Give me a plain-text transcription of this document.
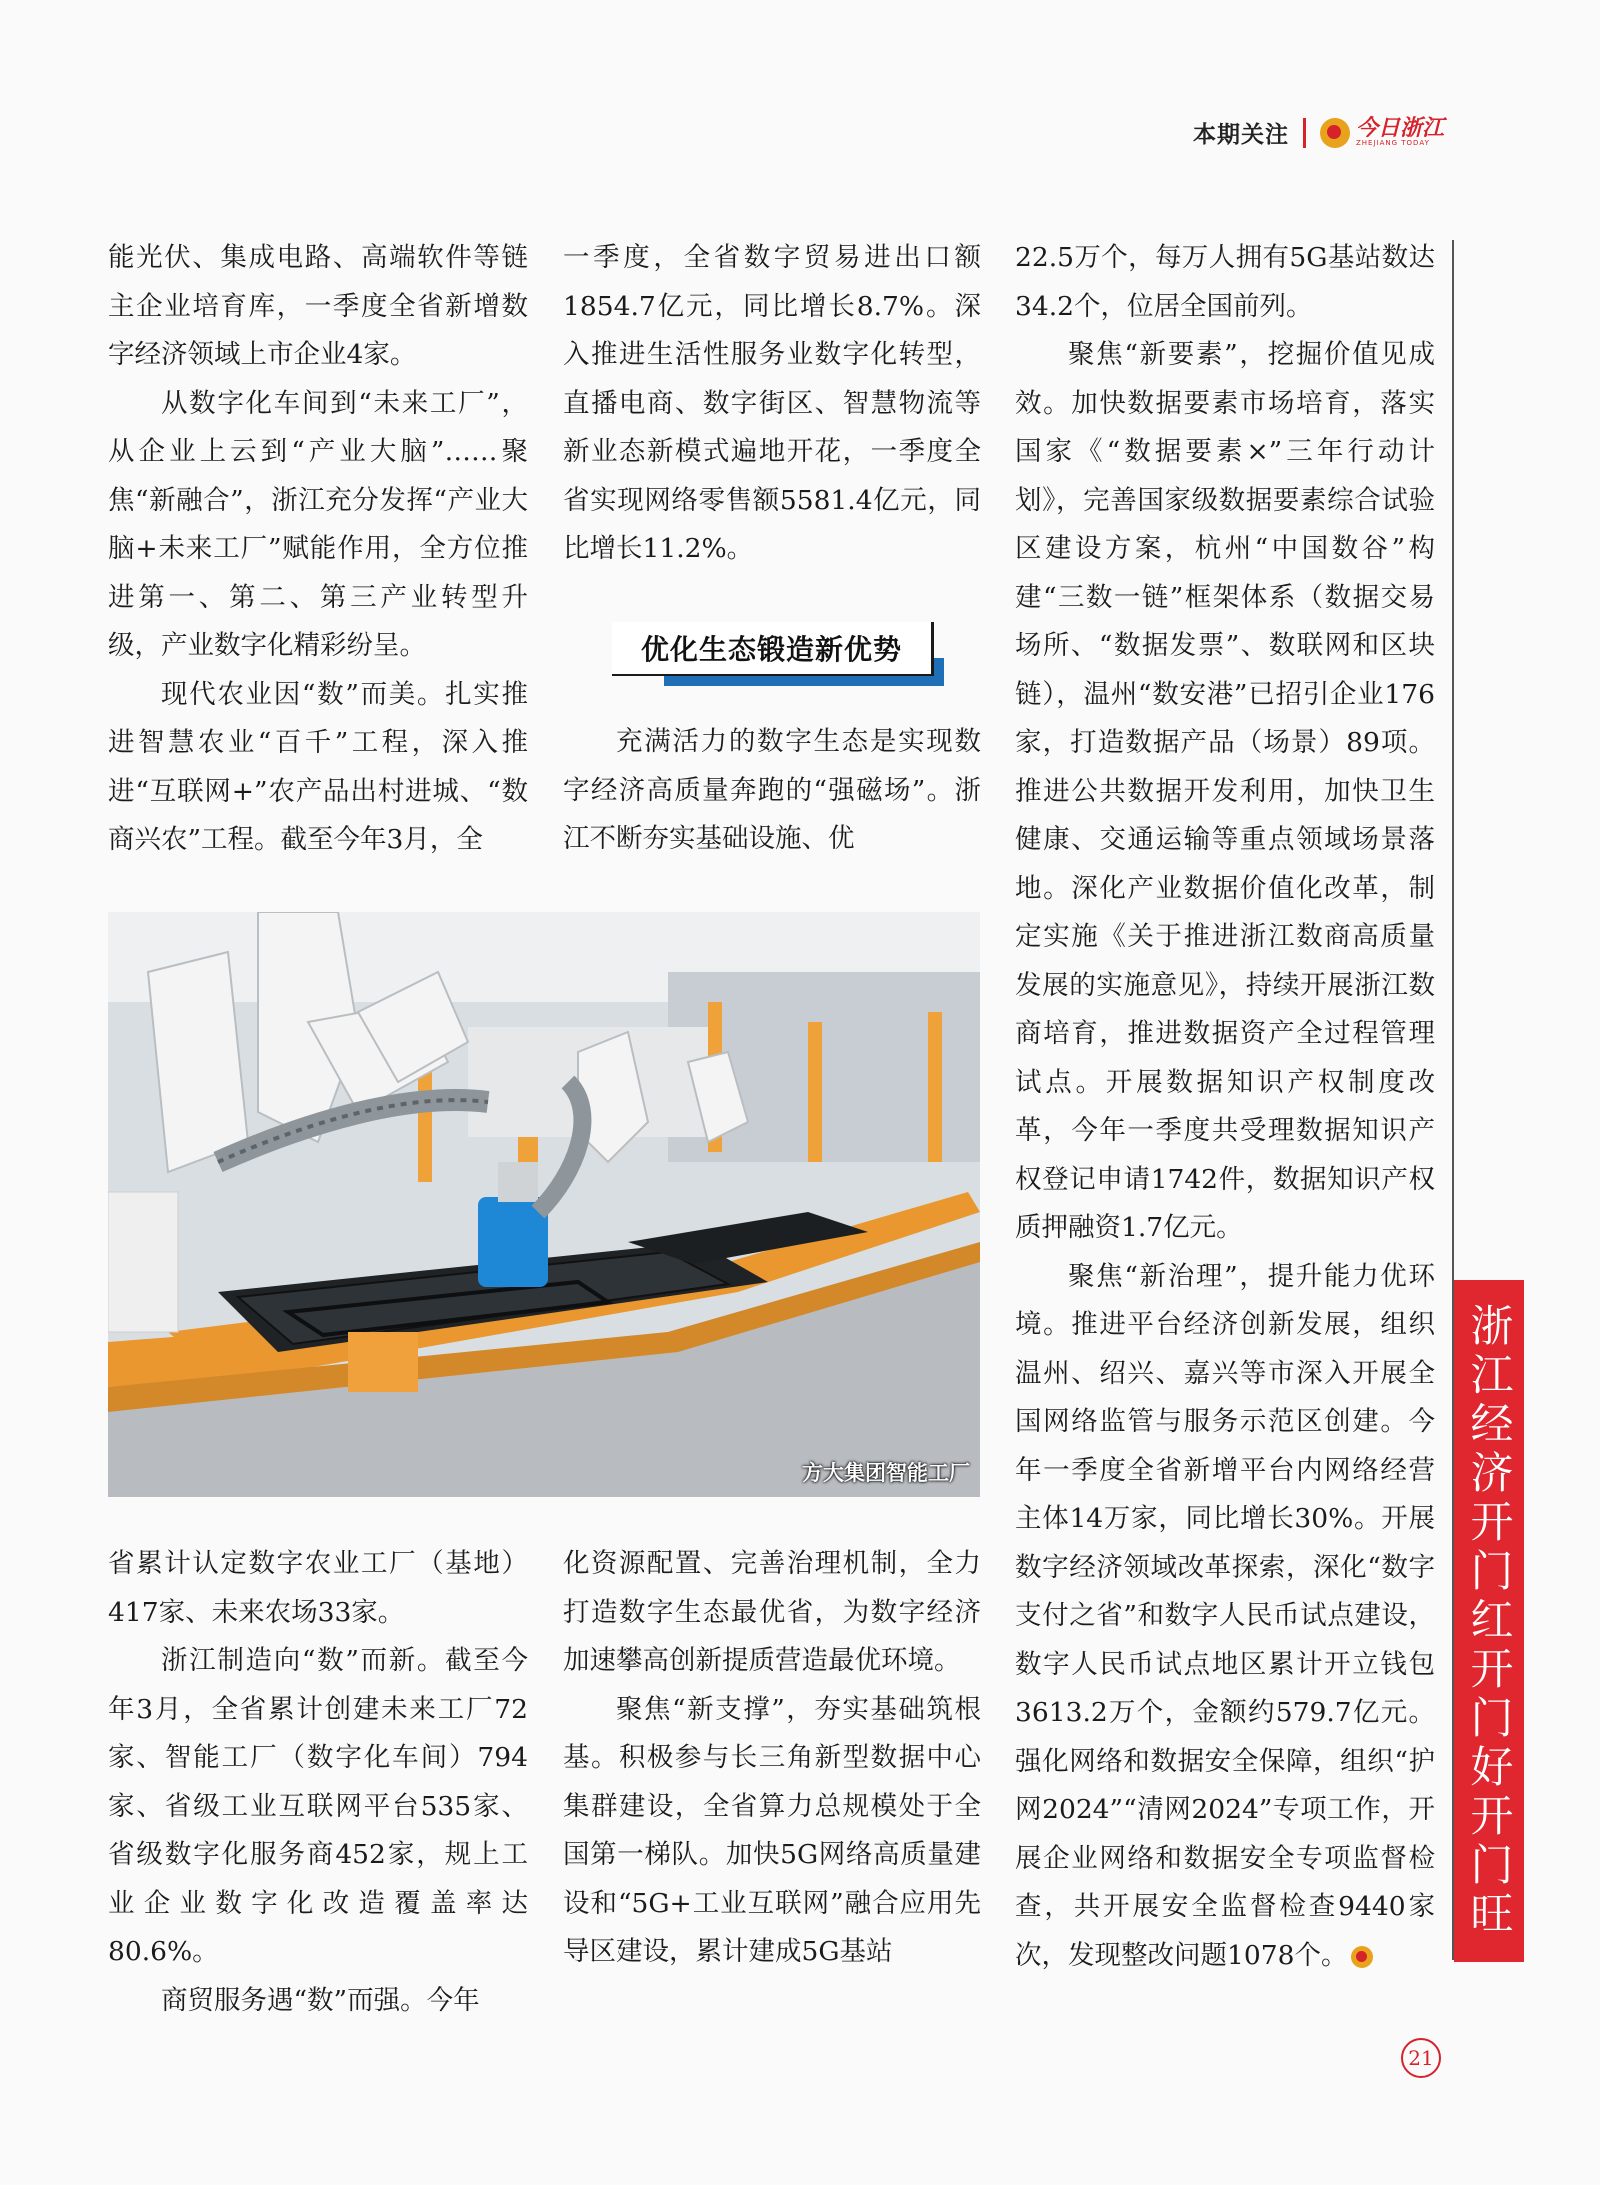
本期关注	今日浙江
ZHEJIANG TODAY

能光伏、集成电路、高端软件等链主企业培育库，一季度全省新增数字经济领域上市企业4家。

从数字化车间到“未来工厂”，从企业上云到“产业大脑”……聚焦“新融合”，浙江充分发挥“产业大脑+未来工厂”赋能作用，全方位推进第一、第二、第三产业转型升级，产业数字化精彩纷呈。

现代农业因“数”而美。扎实推进智慧农业“百千”工程，深入推进“互联网+”农产品出村进城、“数商兴农”工程。截至今年3月，全

一季度，全省数字贸易进出口额1854.7亿元，同比增长8.7%。深入推进生活性服务业数字化转型，直播电商、数字街区、智慧物流等新业态新模式遍地开花，一季度全省实现网络零售额5581.4亿元，同比增长11.2%。

优化生态锻造新优势

充满活力的数字生态是实现数字经济高质量奔跑的“强磁场”。浙江不断夯实基础设施、优

22.5万个，每万人拥有5G基站数达34.2个，位居全国前列。

聚焦“新要素”，挖掘价值见成效。加快数据要素市场培育，落实国家《“数据要素×”三年行动计划》，完善国家级数据要素综合试验区建设方案，杭州“中国数谷”构建“三数一链”框架体系（数据交易场所、“数据发票”、数联网和区块链），温州“数安港”已招引企业176家，打造数据产品（场景）89项。推进公共数据开发利用，加快卫生健康、交通运输等重点领域场景落地。深化产业数据价值化改革，制定实施《关于推进浙江数商高质量发展的实施意见》，持续开展浙江数商培育，推进数据资产全过程管理试点。开展数据知识产权制度改革，今年一季度共受理数据知识产权登记申请1742件，数据知识产权质押融资1.7亿元。

聚焦“新治理”，提升能力优环境。推进平台经济创新发展，组织温州、绍兴、嘉兴等市深入开展全国网络监管与服务示范区创建。今年一季度全省新增平台内网络经营主体14万家，同比增长30%。开展数字经济领域改革探索，深化“数字支付之省”和数字人民币试点建设，数字人民币试点地区累计开立钱包3613.2万个，金额约579.7亿元。强化网络和数据安全保障，组织“护网2024”“清网2024”专项工作，开展企业网络和数据安全专项监督检查，共开展安全监督检查9440家次，发现整改问题1078个。

方大集团智能工厂

省累计认定数字农业工厂（基地）417家、未来农场33家。

浙江制造向“数”而新。截至今年3月，全省累计创建未来工厂72家、智能工厂（数字化车间）794家、省级工业互联网平台535家、省级数字化服务商452家，规上工业企业数字化改造覆盖率达80.6%。

商贸服务遇“数”而强。今年

化资源配置、完善治理机制，全力打造数字生态最优省，为数字经济加速攀高创新提质营造最优环境。

聚焦“新支撑”，夯实基础筑根基。积极参与长三角新型数据中心集群建设，全省算力总规模处于全国第一梯队。加快5G网络高质量建设和“5G+工业互联网”融合应用先导区建设，累计建成5G基站

浙江经济开门红开门好开门旺
21
